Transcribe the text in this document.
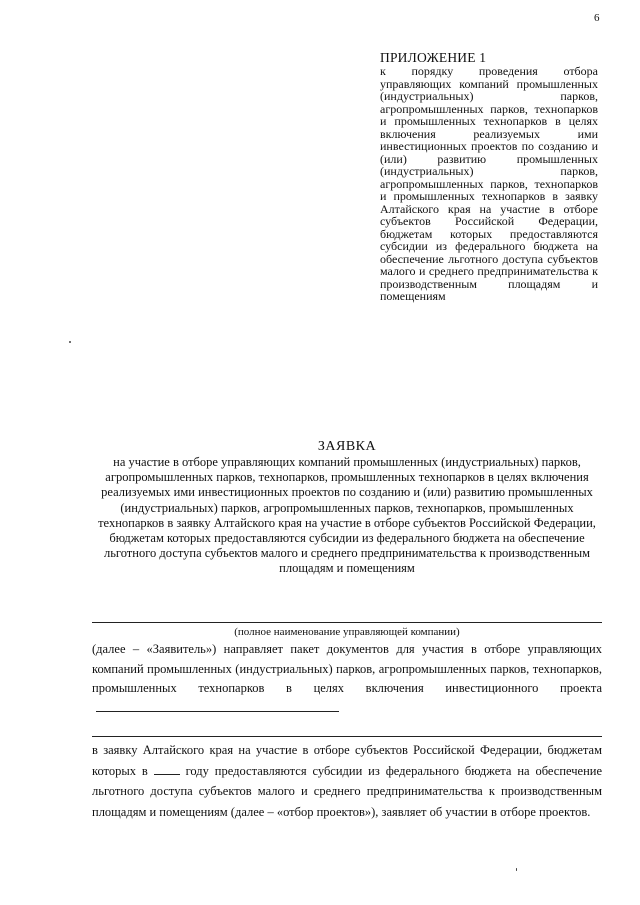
6
ПРИЛОЖЕНИЕ 1
к порядку проведения отбора управляющих компаний промышленных (индустриальных) парков, агропромышленных парков, технопарков и промышленных технопарков в целях включения реализуемых ими инвестиционных проектов по созданию и (или) развитию промышленных (индустриальных) парков, агропромышленных парков, технопарков и промышленных технопарков в заявку Алтайского края на участие в отборе субъектов Российской Федерации, бюджетам которых предоставляются субсидии из федерального бюджета на обеспечение льготного доступа субъектов малого и среднего предпринимательства к производственным площадям и помещениям
ЗАЯВКА
на участие в отборе управляющих компаний промышленных (индустриальных) парков, агропромышленных парков, технопарков, промышленных технопарков в целях включения реализуемых ими инвестиционных проектов по созданию и (или) развитию промышленных (индустриальных) парков, агропромышленных парков, технопарков, промышленных технопарков в заявку Алтайского края на участие в отборе субъектов Российской Федерации, бюджетам которых предоставляются субсидии из федерального бюджета на обеспечение льготного доступа субъектов малого и среднего предпринимательства к производственным площадям и помещениям
(полное наименование управляющей компании)
(далее – «Заявитель») направляет пакет документов для участия в отборе управляющих компаний промышленных (индустриальных) парков, агропромышленных парков, технопарков, промышленных технопарков в целях включения инвестиционного проекта
в заявку Алтайского края на участие в отборе субъектов Российской Федерации, бюджетам которых в	году предоставляются субсидии из федерального бюджета на обеспечение льготного доступа субъектов малого и среднего предпринимательства к производственным площадям и помещениям (далее – «отбор проектов»), заявляет об участии в отборе проектов.
